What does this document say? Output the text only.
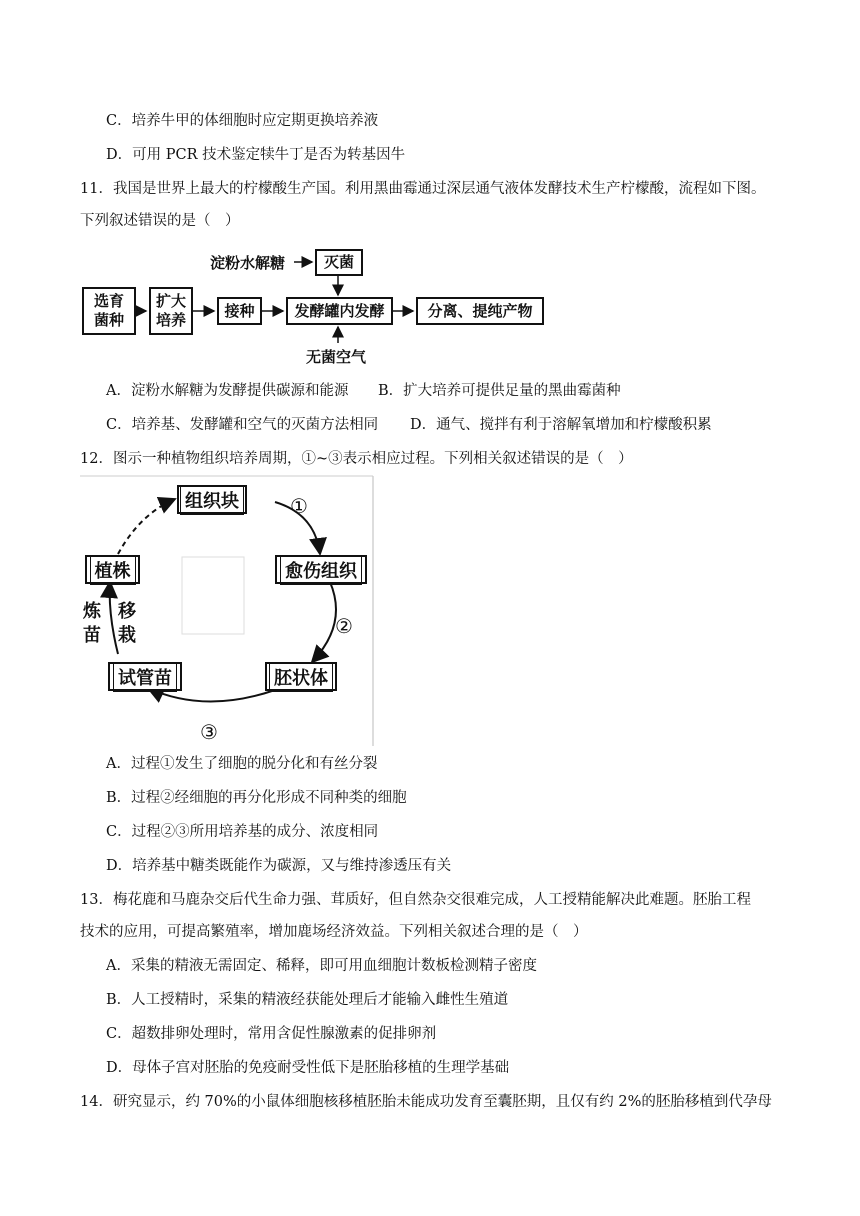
C．培养牛甲的体细胞时应定期更换培养液
D．可用 PCR 技术鉴定犊牛丁是否为转基因牛
11．我国是世界上最大的柠檬酸生产国。利用黑曲霉通过深层通气液体发酵技术生产柠檬酸，流程如下图。
下列叙述错误的是（　）
淀粉水解糖	灭菌
选育菌种
扩大培养
接种	发酵罐内发酵	分离、提纯产物
无菌空气
A．淀粉水解糖为发酵提供碳源和能源 B．扩大培养可提供足量的黑曲霉菌种
C．培养基、发酵罐和空气的灭菌方法相同 D．通气、搅拌有利于溶解氧增加和柠檬酸积累
12．图示一种植物组织培养周期，①~③表示相应过程。下列相关叙述错误的是（　）
组织块
愈伤组织
胚状体
试管苗
植株
①
②
③
炼
苗
移
栽
A．过程①发生了细胞的脱分化和有丝分裂
B．过程②经细胞的再分化形成不同种类的细胞
C．过程②③所用培养基的成分、浓度相同
D．培养基中糖类既能作为碳源，又与维持渗透压有关
13．梅花鹿和马鹿杂交后代生命力强、茸质好，但自然杂交很难完成，人工授精能解决此难题。胚胎工程
技术的应用，可提高繁殖率，增加鹿场经济效益。下列相关叙述合理的是（　）
A．采集的精液无需固定、稀释，即可用血细胞计数板检测精子密度
B．人工授精时，采集的精液经获能处理后才能输入雌性生殖道
C．超数排卵处理时，常用含促性腺激素的促排卵剂
D．母体子宫对胚胎的免疫耐受性低下是胚胎移植的生理学基础
14．研究显示，约 70%的小鼠体细胞核移植胚胎未能成功发育至囊胚期，且仅有约 2%的胚胎移植到代孕母
